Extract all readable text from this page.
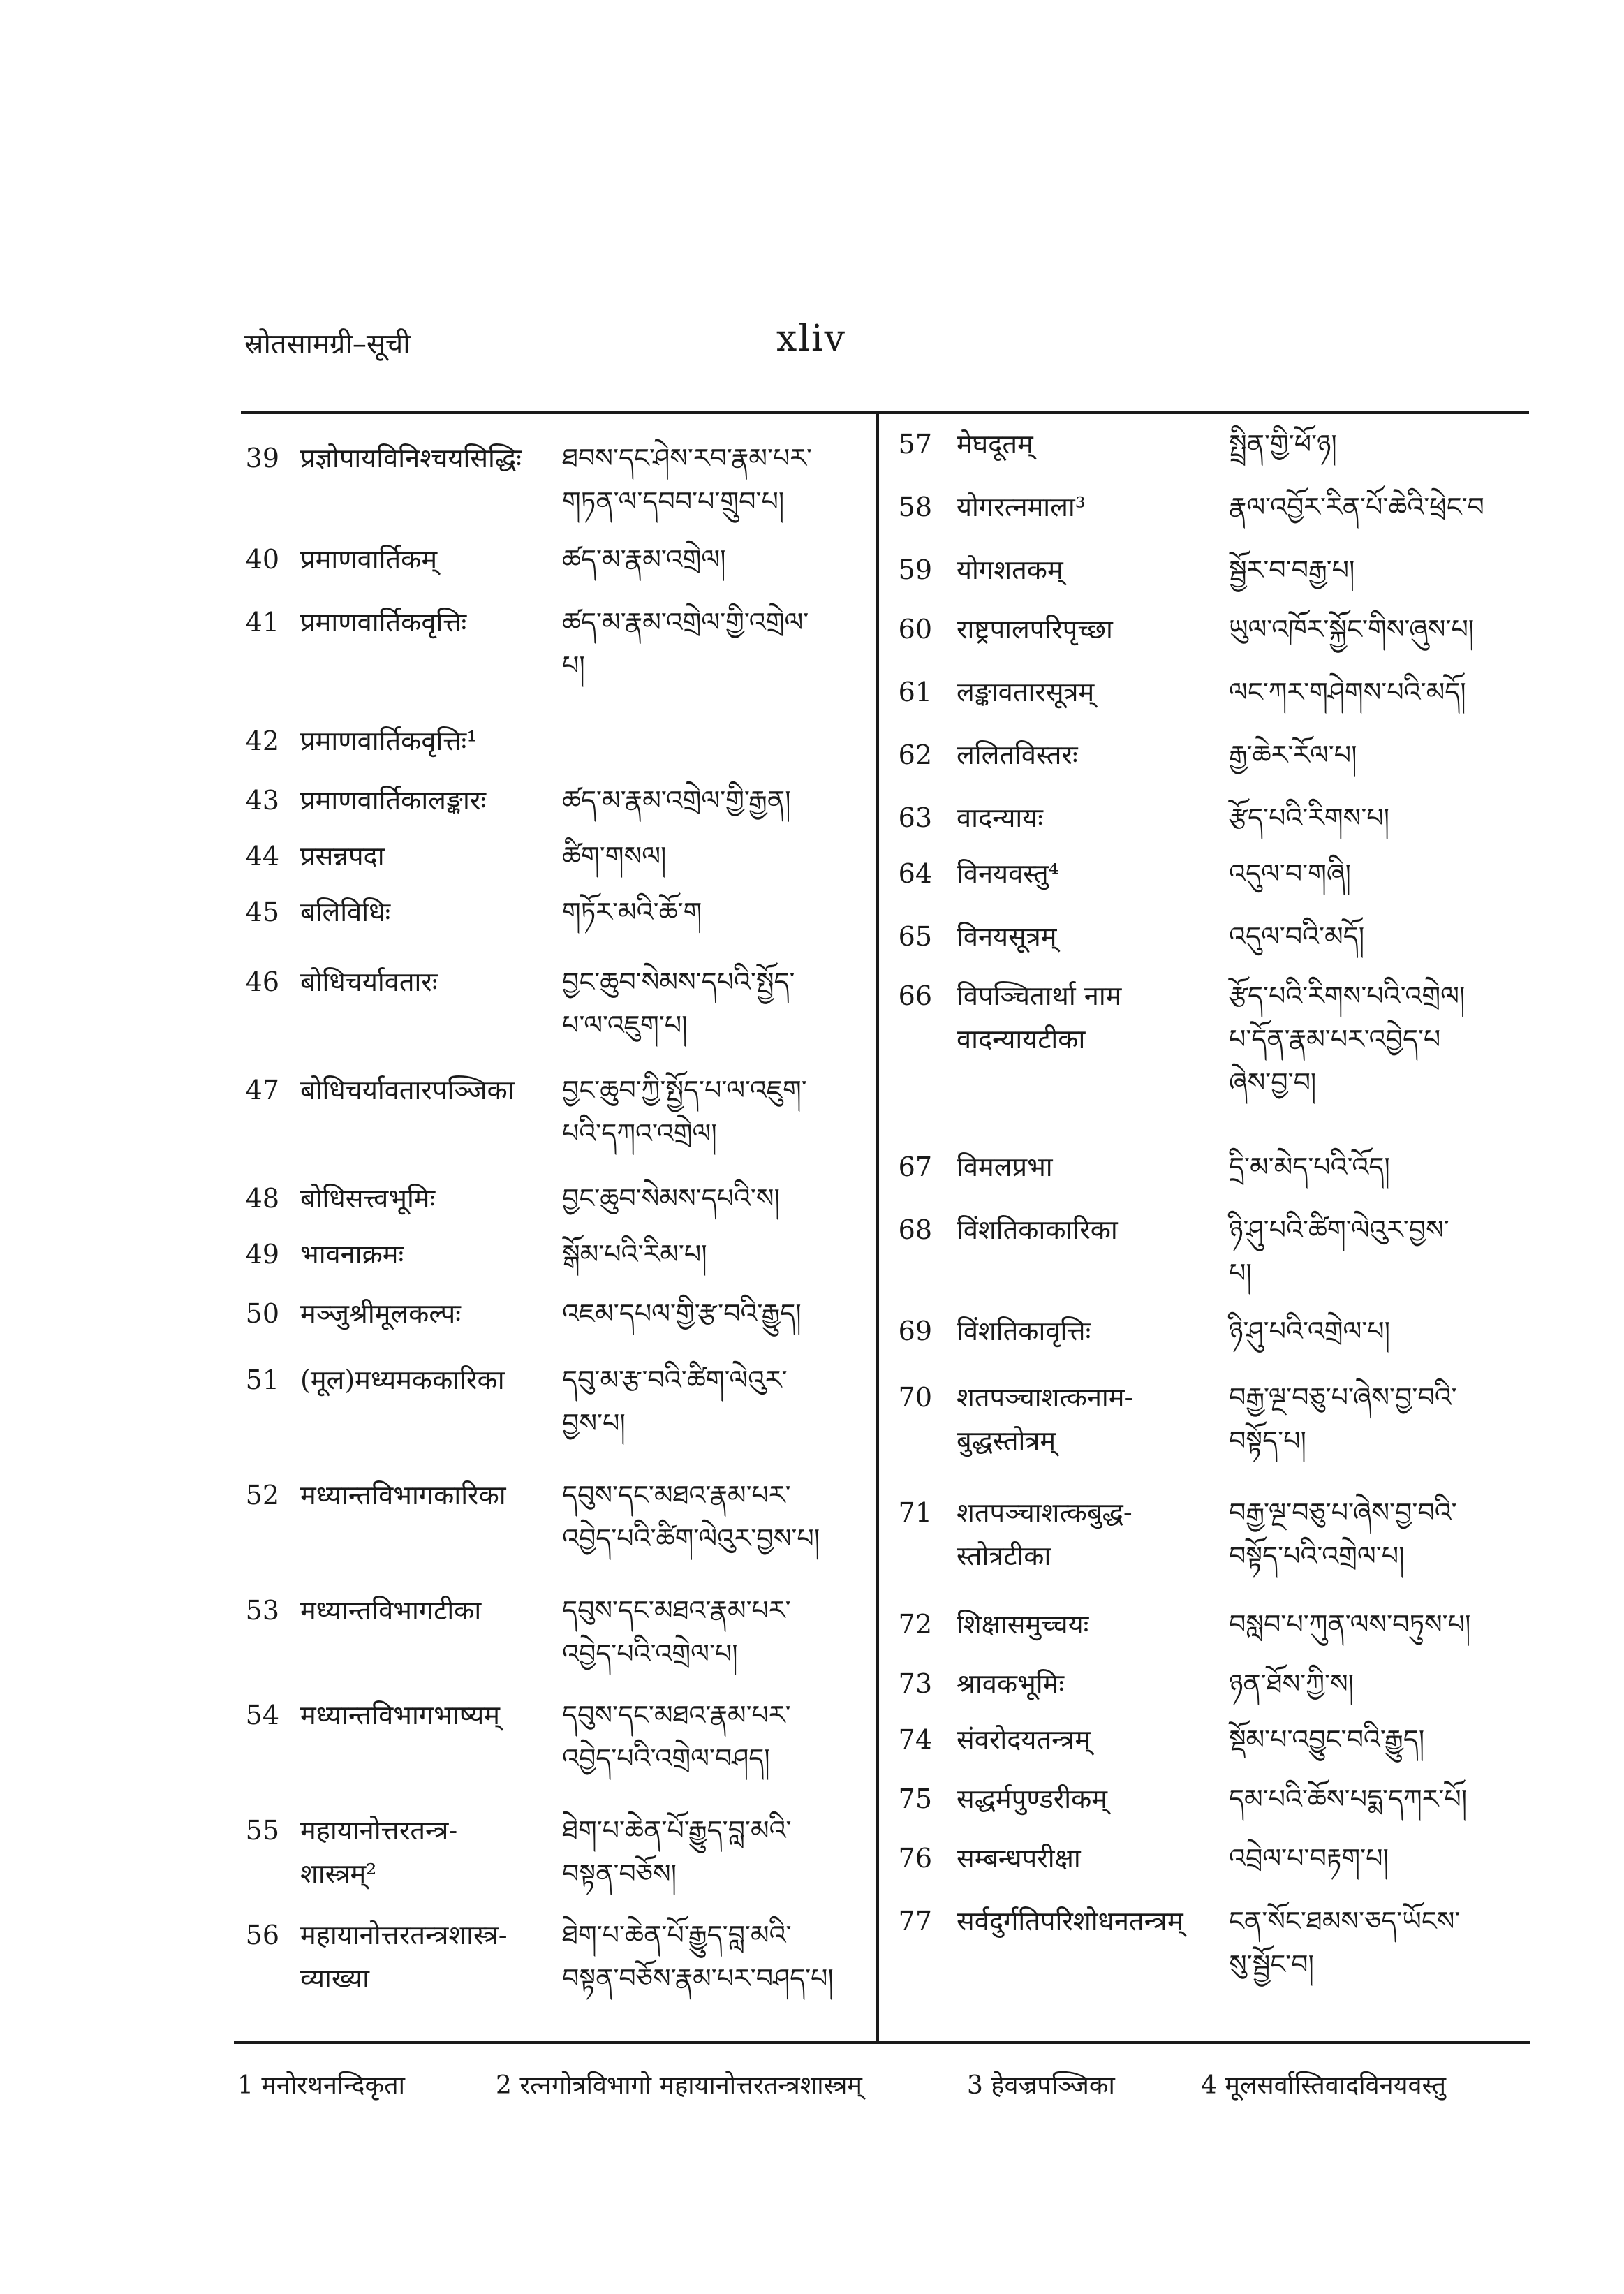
स्रोतसामग्री–सूची	xliv
39 प्रज्ञोपायविनिश्चयसिद्धिः ཐབས་དང་ཤེས་རབ་རྣམ་པར་
གཏན་ལ་དབབ་པ་གྲུབ་པ།
40 प्रमाणवार्तिकम्	ཚད་མ་རྣམ་འགྲེལ།
41 प्रमाणवार्तिकवृत्तिः	ཚད་མ་རྣམ་འགྲེལ་གྱི་འགྲེལ་
པ།
42 प्रमाणवार्तिकवृत्तिः¹
43 प्रमाणवार्तिकालङ्कारः	ཚད་མ་རྣམ་འགྲེལ་གྱི་རྒྱན།
44 प्रसन्नपदा	ཚིག་གསལ།
45 बलिविधिः	གཏོར་མའི་ཆོ་ག
46 बोधिचर्यावतारः	བྱང་ཆུབ་སེམས་དཔའི་སྤྱོད་
པ་ལ་འཇུག་པ།
47 बोधिचर्यावतारपञ्जिका བྱང་ཆུབ་ཀྱི་སྤྱོད་པ་ལ་འཇུག་
པའི་དཀའ་འགྲེལ།
48 बोधिसत्त्वभूमिः	བྱང་ཆུབ་སེམས་དཔའི་ས།
49 भावनाक्रमः	སྒོམ་པའི་རིམ་པ།
50 मञ्जुश्रीमूलकल्पः	འཇམ་དཔལ་གྱི་རྩ་བའི་རྒྱུད།
51 (मूल)मध्यमककारिका དབུ་མ་རྩ་བའི་ཚིག་ལེའུར་
བྱས་པ།
52 मध्यान्तविभागकारिका དབུས་དང་མཐའ་རྣམ་པར་
འབྱེད་པའི་ཚིག་ལེའུར་བྱས་པ།
53 मध्यान्तविभागटीका	དབུས་དང་མཐའ་རྣམ་པར་
འབྱེད་པའི་འགྲེལ་པ།
54 मध्यान्तविभागभाष्यम् དབུས་དང་མཐའ་རྣམ་པར་
འབྱེད་པའི་འགྲེལ་བཤད།
55 महायानोत्तरतन्त्र-
शास्त्रम्²
ཐེག་པ་ཆེན་པོ་རྒྱུད་བླ་མའི་
བསྟན་བཅོས།
56 महायानोत्तरतन्त्रशास्त्र-
व्याख्या
ཐེག་པ་ཆེན་པོ་རྒྱུད་བླ་མའི་
བསྟན་བཅོས་རྣམ་པར་བཤད་པ།
57 मेघदूतम्	སྤྲིན་གྱི་ཕོ་ཉ།
58 योगरत्नमाला³	རྣལ་འབྱོར་རིན་པོ་ཆེའི་ཕྲེང་བ
59 योगशतकम्	སྦྱོར་བ་བརྒྱ་པ།
60 राष्ट्रपालपरिपृच्छा	ཡུལ་འཁོར་སྐྱོང་གིས་ཞུས་པ།
61 लङ्कावतारसूत्रम्	ལང་ཀར་གཤེགས་པའི་མདོ།
62 ललितविस्तरः	རྒྱ་ཆེར་རོལ་པ།
63 वादन्यायः	རྩོད་པའི་རིགས་པ།
64 विनयवस्तु⁴	འདུལ་བ་གཞི།
65 विनयसूत्रम्	འདུལ་བའི་མདོ།
66 विपञ्चितार्था नाम
वादन्यायटीका
རྩོད་པའི་རིགས་པའི་འགྲེལ།
པ་དོན་རྣམ་པར་འབྱེད་པ
ཞེས་བྱ་བ།
67 विमलप्रभा	དྲི་མ་མེད་པའི་འོད།
68 विंशतिकाकारिका	ཉི་ཤུ་པའི་ཚིག་ལེའུར་བྱས་
པ།
69 विंशतिकावृत्तिः	ཉི་ཤུ་པའི་འགྲེལ་པ།
70 शतपञ्चाशत्कनाम-
बुद्धस्तोत्रम्
བརྒྱ་ལྔ་བཅུ་པ་ཞེས་བྱ་བའི་
བསྟོད་པ།
71 शतपञ्चाशत्कबुद्ध-
स्तोत्रटीका
བརྒྱ་ལྔ་བཅུ་པ་ཞེས་བྱ་བའི་
བསྟོད་པའི་འགྲེལ་པ།
72 शिक्षासमुच्चयः	བསླབ་པ་ཀུན་ལས་བཏུས་པ།
73 श्रावकभूमिः	ཉན་ཐོས་ཀྱི་ས།
74 संवरोदयतन्त्रम्	སྡོམ་པ་འབྱུང་བའི་རྒྱུད།
75 सद्धर्मपुण्डरीकम्	དམ་པའི་ཆོས་པདྨ་དཀར་པོ།
76 सम्बन्धपरीक्षा	འབྲེལ་པ་བརྟག་པ།
77 सर्वदुर्गतिपरिशोधनतन्त्रम् ངན་སོང་ཐམས་ཅད་ཡོངས་
སུ་སྦྱོང་བ།
1 मनोरथनन्दिकृता	2 रत्नगोत्रविभागो महायानोत्तरतन्त्रशास्त्रम्	3 हेवज्रपञ्जिका	4 मूलसर्वास्तिवादविनयवस्तु
